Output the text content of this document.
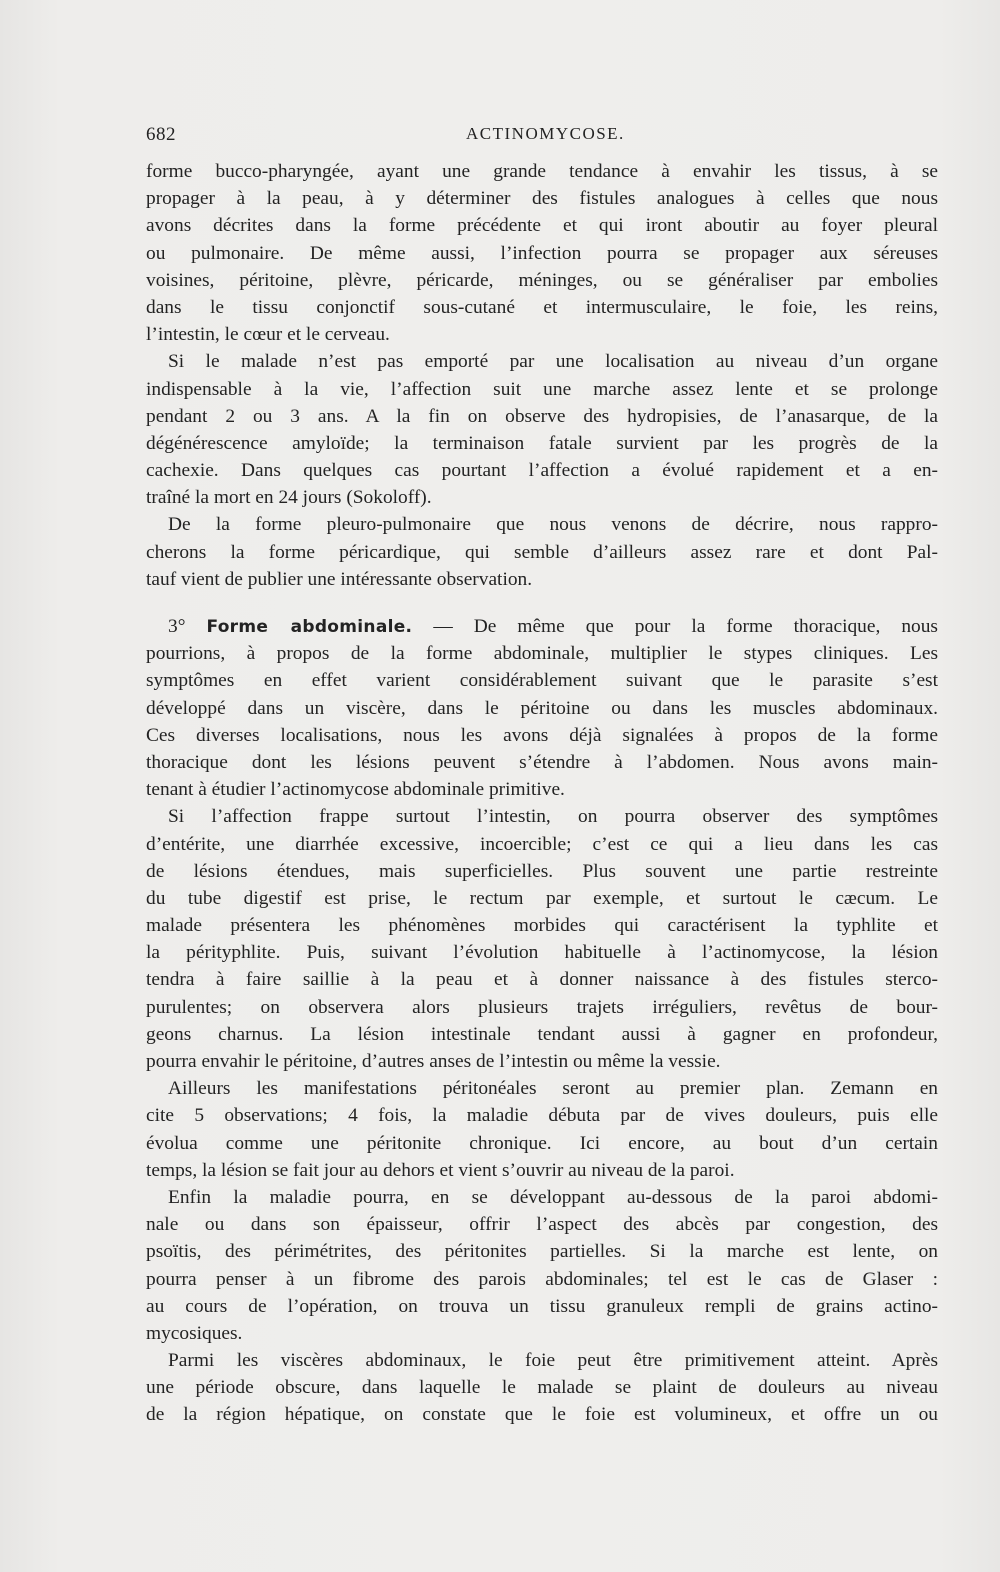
682	ACTINOMYCOSE.
forme bucco-pharyngée, ayant une grande tendance à envahir les tissus, à se
propager à la peau, à y déterminer des fistules analogues à celles que nous
avons décrites dans la forme précédente et qui iront aboutir au foyer pleural
ou pulmonaire. De même aussi, l’infection pourra se propager aux séreuses
voisines, péritoine, plèvre, péricarde, méninges, ou se généraliser par embolies
dans le tissu conjonctif sous-cutané et intermusculaire, le foie, les reins,
l’intestin, le cœur et le cerveau.
Si le malade n’est pas emporté par une localisation au niveau d’un organe
indispensable à la vie, l’affection suit une marche assez lente et se prolonge
pendant 2 ou 3 ans. A la fin on observe des hydropisies, de l’anasarque, de la
dégénérescence amyloïde; la terminaison fatale survient par les progrès de la
cachexie. Dans quelques cas pourtant l’affection a évolué rapidement et a en-
traîné la mort en 24 jours (Sokoloff).
De la forme pleuro-pulmonaire que nous venons de décrire, nous rappro-
cherons la forme péricardique, qui semble d’ailleurs assez rare et dont Pal-
tauf vient de publier une intéressante observation.
3° Forme abdominale. — De même que pour la forme thoracique, nous
pourrions, à propos de la forme abdominale, multiplier le stypes cliniques. Les
symptômes en effet varient considérablement suivant que le parasite s’est
développé dans un viscère, dans le péritoine ou dans les muscles abdominaux.
Ces diverses localisations, nous les avons déjà signalées à propos de la forme
thoracique dont les lésions peuvent s’étendre à l’abdomen. Nous avons main-
tenant à étudier l’actinomycose abdominale primitive.
Si l’affection frappe surtout l’intestin, on pourra observer des symptômes
d’entérite, une diarrhée excessive, incoercible; c’est ce qui a lieu dans les cas
de lésions étendues, mais superficielles. Plus souvent une partie restreinte
du tube digestif est prise, le rectum par exemple, et surtout le cæcum. Le
malade présentera les phénomènes morbides qui caractérisent la typhlite et
la pérityphlite. Puis, suivant l’évolution habituelle à l’actinomycose, la lésion
tendra à faire saillie à la peau et à donner naissance à des fistules sterco-
purulentes; on observera alors plusieurs trajets irréguliers, revêtus de bour-
geons charnus. La lésion intestinale tendant aussi à gagner en profondeur,
pourra envahir le péritoine, d’autres anses de l’intestin ou même la vessie.
Ailleurs les manifestations péritonéales seront au premier plan. Zemann en
cite 5 observations; 4 fois, la maladie débuta par de vives douleurs, puis elle
évolua comme une péritonite chronique. Ici encore, au bout d’un certain
temps, la lésion se fait jour au dehors et vient s’ouvrir au niveau de la paroi.
Enfin la maladie pourra, en se développant au-dessous de la paroi abdomi-
nale ou dans son épaisseur, offrir l’aspect des abcès par congestion, des
psoïtis, des périmétrites, des péritonites partielles. Si la marche est lente, on
pourra penser à un fibrome des parois abdominales; tel est le cas de Glaser :
au cours de l’opération, on trouva un tissu granuleux rempli de grains actino-
mycosiques.
Parmi les viscères abdominaux, le foie peut être primitivement atteint. Après
une période obscure, dans laquelle le malade se plaint de douleurs au niveau
de la région hépatique, on constate que le foie est volumineux, et offre un ou
